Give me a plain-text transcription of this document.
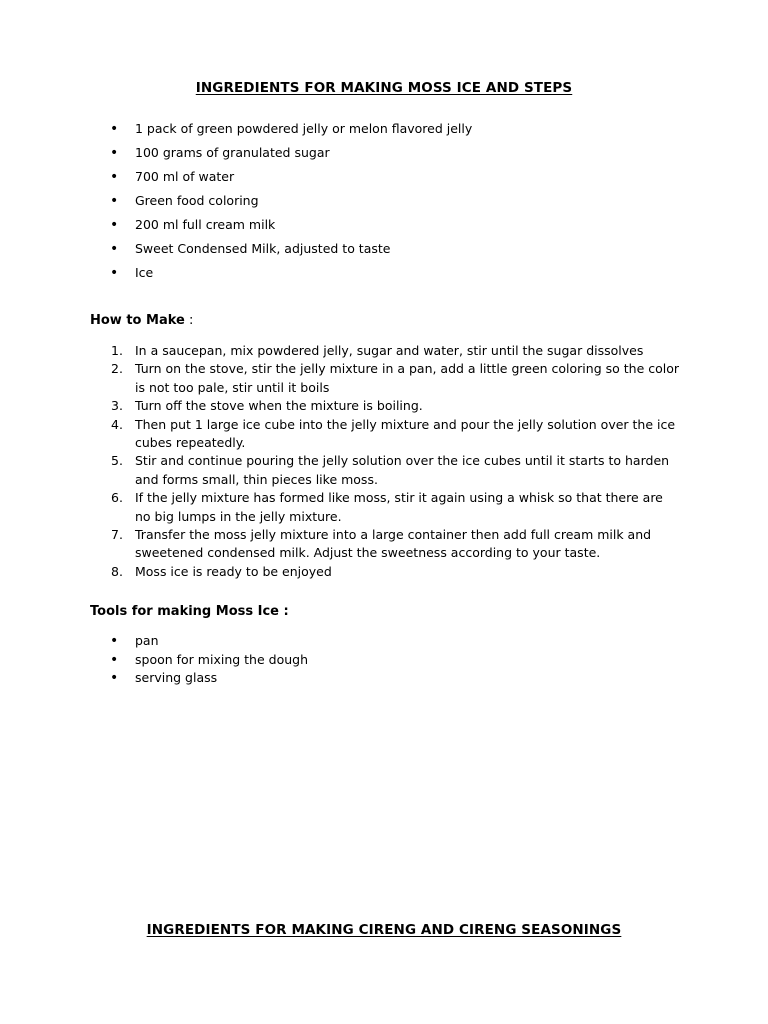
INGREDIENTS FOR MAKING MOSS ICE AND STEPS
• 1 pack of green powdered jelly or melon flavored jelly
• 100 grams of granulated sugar
• 700 ml of water
• Green food coloring
• 200 ml full cream milk
• Sweet Condensed Milk, adjusted to taste
• Ice
How to Make :
1. In a saucepan, mix powdered jelly, sugar and water, stir until the sugar dissolves
2. Turn on the stove, stir the jelly mixture in a pan, add a little green coloring so the color is not too pale, stir until it boils
3. Turn off the stove when the mixture is boiling.
4. Then put 1 large ice cube into the jelly mixture and pour the jelly solution over the ice cubes repeatedly.
5. Stir and continue pouring the jelly solution over the ice cubes until it starts to harden and forms small, thin pieces like moss.
6. If the jelly mixture has formed like moss, stir it again using a whisk so that there are no big lumps in the jelly mixture.
7. Transfer the moss jelly mixture into a large container then add full cream milk and sweetened condensed milk. Adjust the sweetness according to your taste.
8. Moss ice is ready to be enjoyed
Tools for making Moss Ice :
• pan
• spoon for mixing the dough
• serving glass
INGREDIENTS FOR MAKING CIRENG AND CIRENG SEASONINGS
